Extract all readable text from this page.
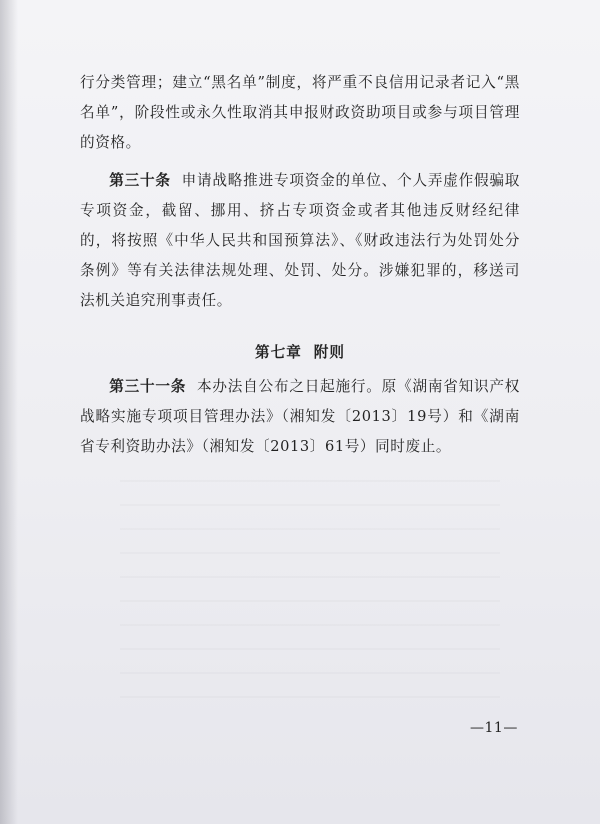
行分类管理；建立“黑名单”制度，将严重不良信用记录者记入“黑名单”，阶段性或永久性取消其申报财政资助项目或参与项目管理的资格。

第三十条 申请战略推进专项资金的单位、个人弄虚作假骗取专项资金，截留、挪用、挤占专项资金或者其他违反财经纪律的，将按照《中华人民共和国预算法》、《财政违法行为处罚处分条例》等有关法律法规处理、处罚、处分。涉嫌犯罪的，移送司法机关追究刑事责任。

第七章 附则

第三十一条 本办法自公布之日起施行。原《湖南省知识产权战略实施专项项目管理办法》（湘知发〔2013〕19号）和《湖南省专利资助办法》（湘知发〔2013〕61号）同时废止。

—11—
